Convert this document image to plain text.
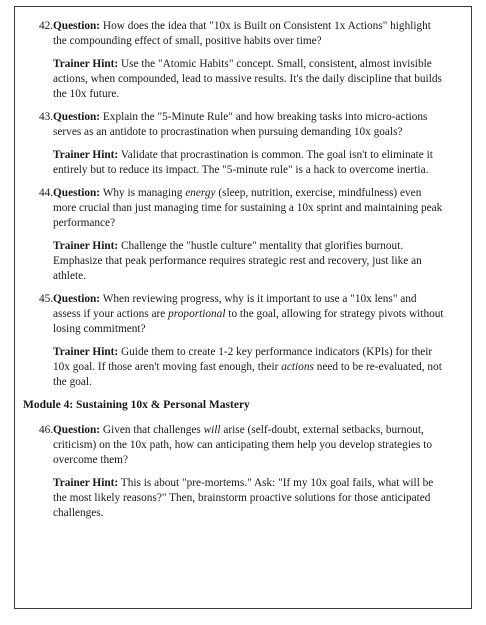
42. Question: How does the idea that "10x is Built on Consistent 1x Actions" highlight the compounding effect of small, positive habits over time?

Trainer Hint: Use the "Atomic Habits" concept. Small, consistent, almost invisible actions, when compounded, lead to massive results. It's the daily discipline that builds the 10x future.

43. Question: Explain the "5-Minute Rule" and how breaking tasks into micro-actions serves as an antidote to procrastination when pursuing demanding 10x goals?

Trainer Hint: Validate that procrastination is common. The goal isn't to eliminate it entirely but to reduce its impact. The "5-minute rule" is a hack to overcome inertia.

44. Question: Why is managing energy (sleep, nutrition, exercise, mindfulness) even more crucial than just managing time for sustaining a 10x sprint and maintaining peak performance?

Trainer Hint: Challenge the "hustle culture" mentality that glorifies burnout. Emphasize that peak performance requires strategic rest and recovery, just like an athlete.

45. Question: When reviewing progress, why is it important to use a "10x lens" and assess if your actions are proportional to the goal, allowing for strategy pivots without losing commitment?

Trainer Hint: Guide them to create 1-2 key performance indicators (KPIs) for their 10x goal. If those aren't moving fast enough, their actions need to be re-evaluated, not the goal.

Module 4: Sustaining 10x & Personal Mastery

46. Question: Given that challenges will arise (self-doubt, external setbacks, burnout, criticism) on the 10x path, how can anticipating them help you develop strategies to overcome them?

Trainer Hint: This is about "pre-mortems." Ask: "If my 10x goal fails, what will be the most likely reasons?" Then, brainstorm proactive solutions for those anticipated challenges.
